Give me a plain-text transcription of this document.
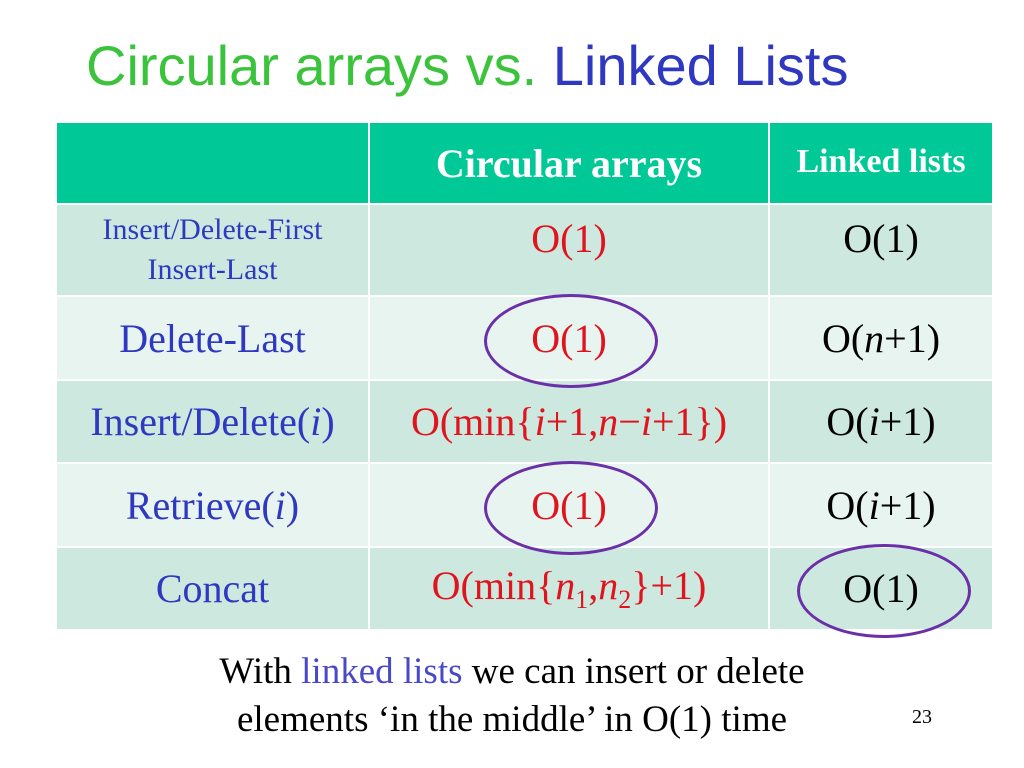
Circular arrays vs. Linked Lists
	Circular arrays	Linked lists

Insert/Delete-First
Insert-Last	O(1)	O(1)
Delete-Last	O(1)	O(n+1)
Insert/Delete(i)	O(min{i+1,n−i+1})	O(i+1)
Retrieve(i)	O(1)	O(i+1)
Concat	$O(\min\{n_1,n_2\}+1)$	O(1)
With linked lists we can insert or delete
elements ‘in the middle’ in O(1) time	23
